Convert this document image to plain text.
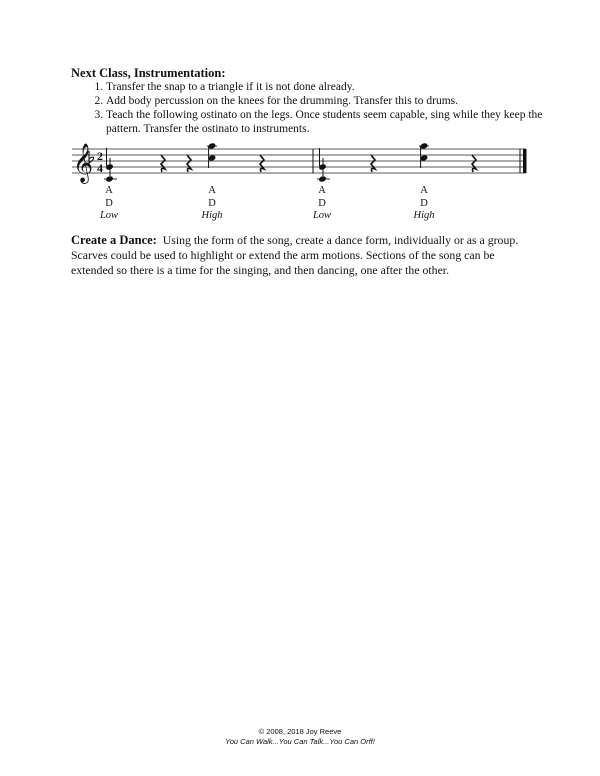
Next Class, Instrumentation:
1. Transfer the snap to a triangle if it is not done already.
2. Add body percussion on the knees for the drumming. Transfer this to drums.
3. Teach the following ostinato on the legs. Once students seem capable, sing while they keep the pattern. Transfer the ostinato to instruments.
𝄞 2
4
A
D
Low
A
D
High
A
D
Low
A
D
High

Create a Dance: Using the form of the song, create a dance form, individually or as a group. Scarves could be used to highlight or extend the arm motions. Sections of the song can be extended so there is a time for the singing, and then dancing, one after the other.

© 2008, 2018 Joy Reeve
You Can Walk...You Can Talk...You Can Orff!
